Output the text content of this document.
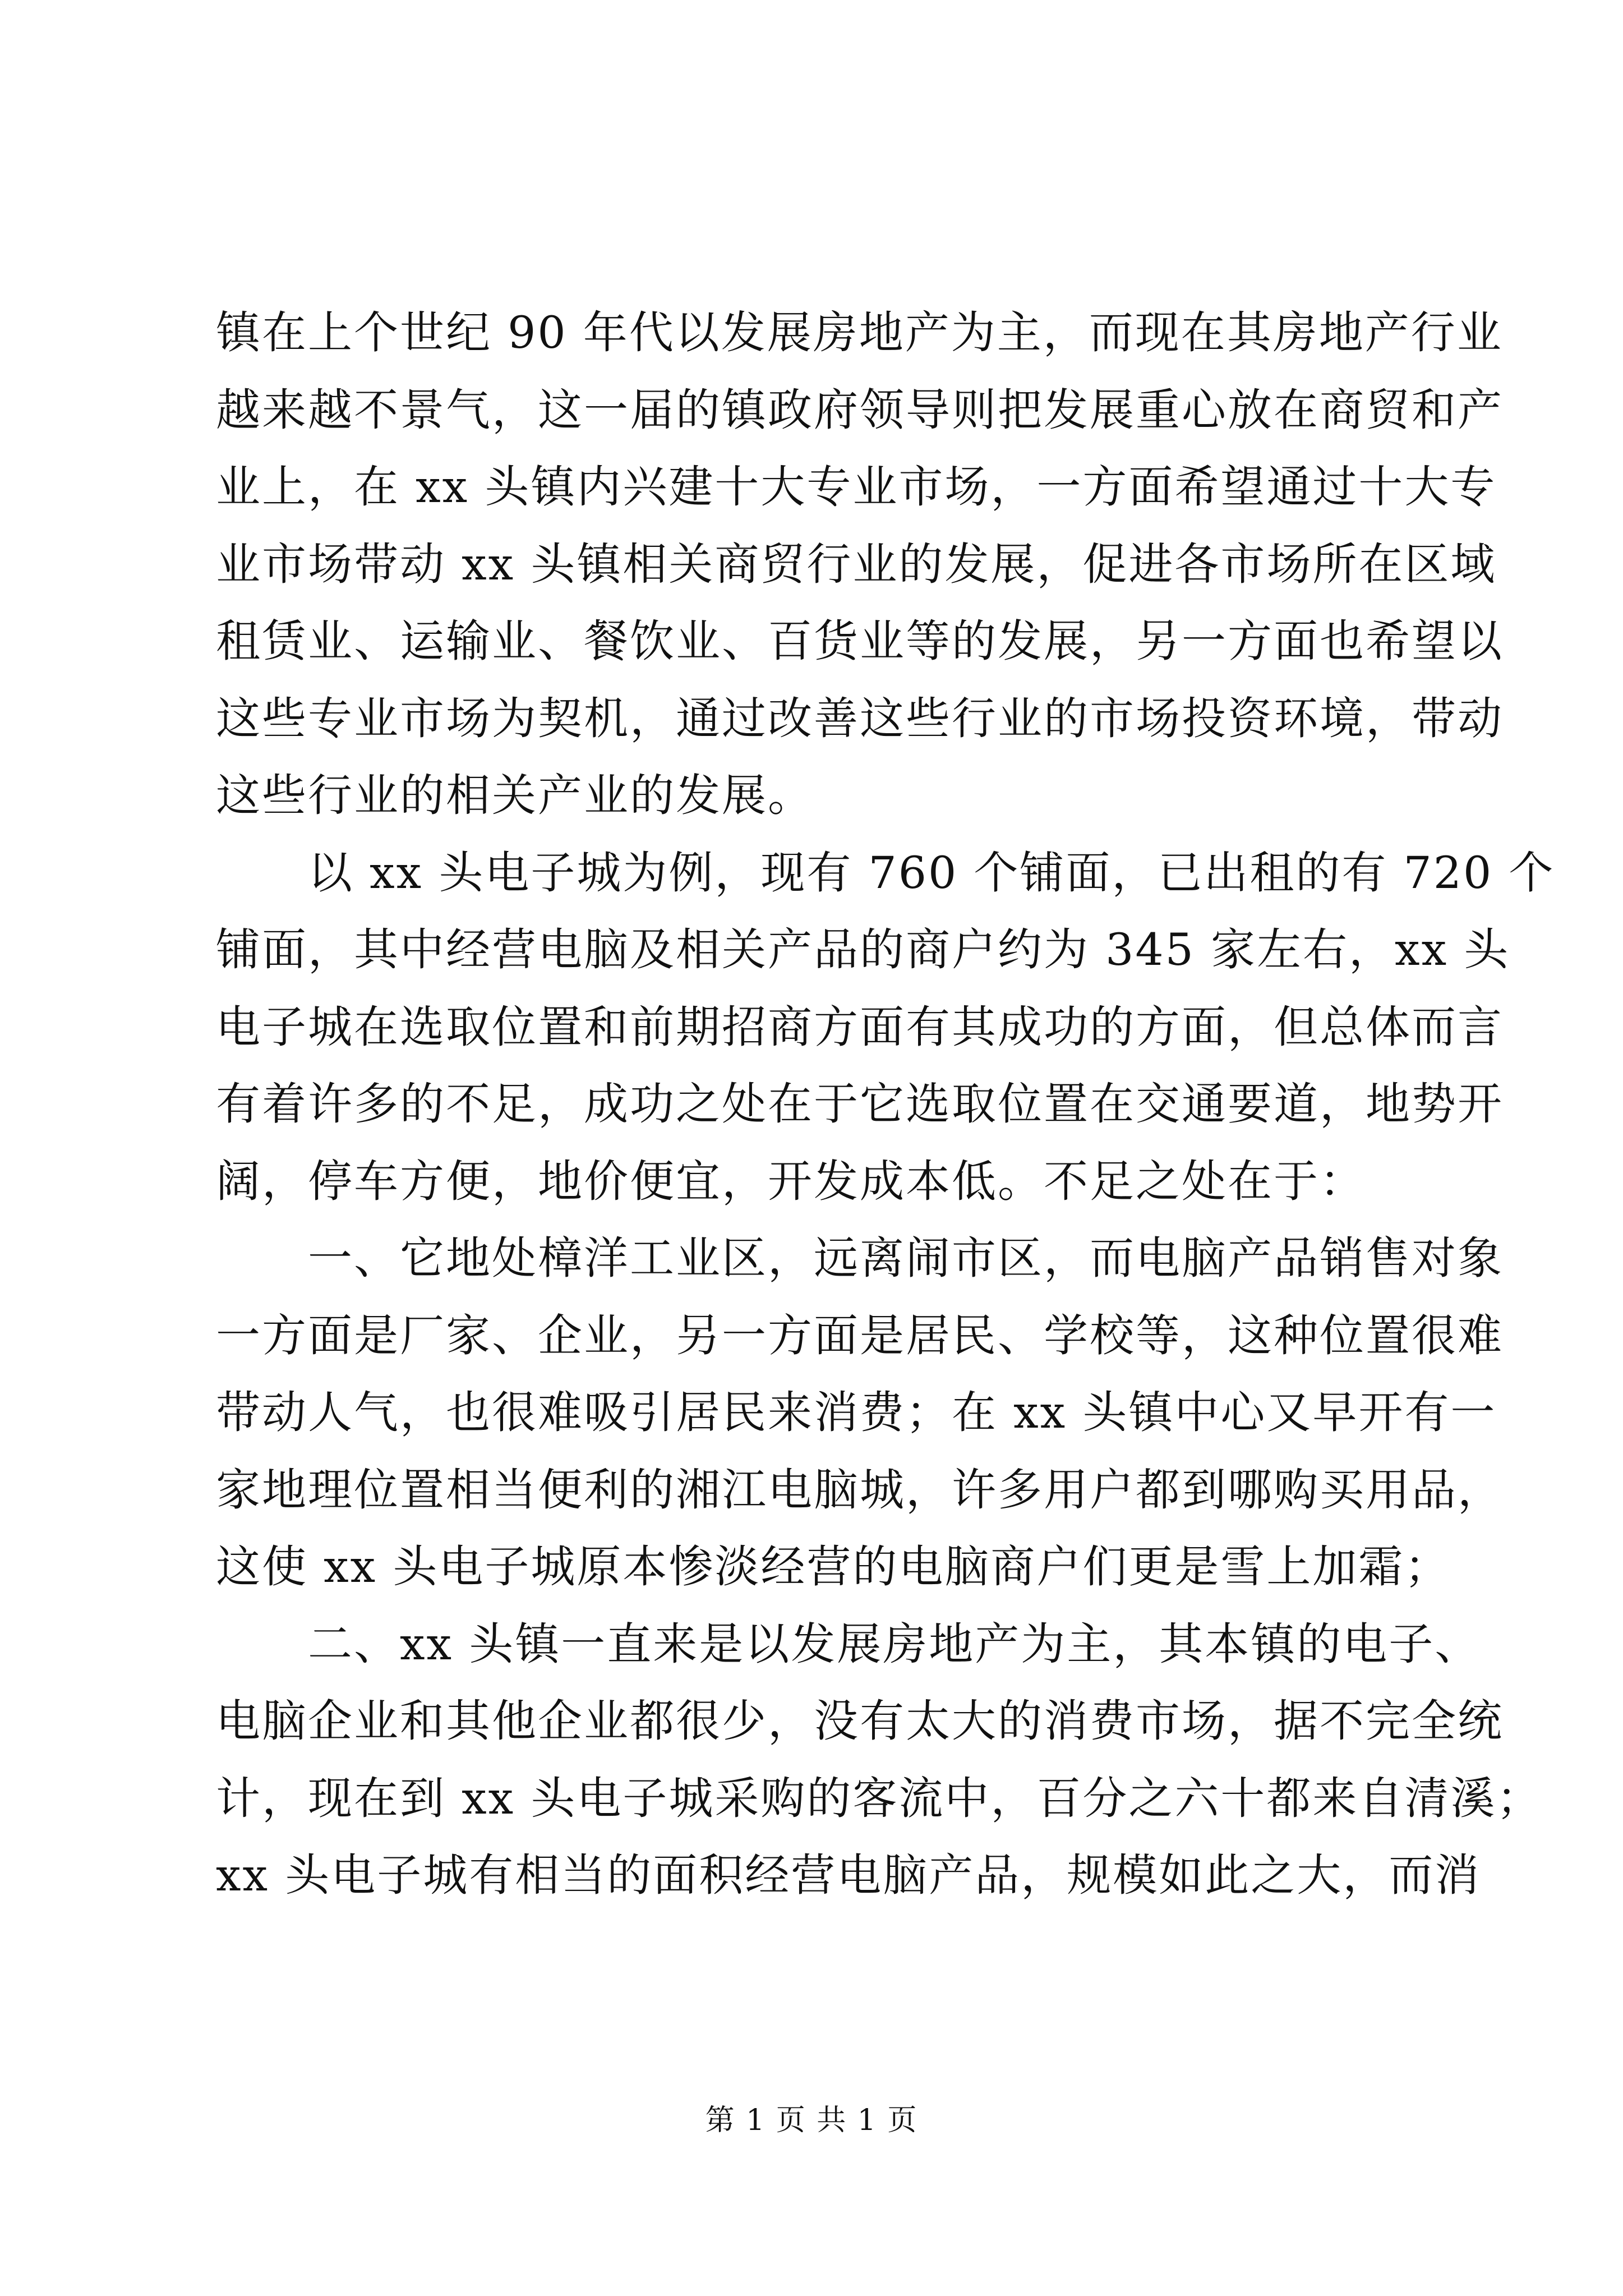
镇在上个世纪 90 年代以发展房地产为主，而现在其房地产行业
越来越不景气，这一届的镇政府领导则把发展重心放在商贸和产
业上，在 xx 头镇内兴建十大专业市场，一方面希望通过十大专
业市场带动 xx 头镇相关商贸行业的发展，促进各市场所在区域
租赁业、运输业、餐饮业、百货业等的发展，另一方面也希望以
这些专业市场为契机，通过改善这些行业的市场投资环境，带动
这些行业的相关产业的发展。
　　以 xx 头电子城为例，现有 760 个铺面，已出租的有 720 个
铺面，其中经营电脑及相关产品的商户约为 345 家左右，xx 头
电子城在选取位置和前期招商方面有其成功的方面，但总体而言
有着许多的不足，成功之处在于它选取位置在交通要道，地势开
阔，停车方便，地价便宜，开发成本低。不足之处在于：
　　一、它地处樟洋工业区，远离闹市区，而电脑产品销售对象
一方面是厂家、企业，另一方面是居民、学校等，这种位置很难
带动人气，也很难吸引居民来消费；在 xx 头镇中心又早开有一
家地理位置相当便利的湘江电脑城，许多用户都到哪购买用品，
这使 xx 头电子城原本惨淡经营的电脑商户们更是雪上加霜；
　　二、xx 头镇一直来是以发展房地产为主，其本镇的电子、
电脑企业和其他企业都很少，没有太大的消费市场，据不完全统
计，现在到 xx 头电子城采购的客流中，百分之六十都来自清溪；
xx 头电子城有相当的面积经营电脑产品，规模如此之大，而消
第 1 页 共 1 页
